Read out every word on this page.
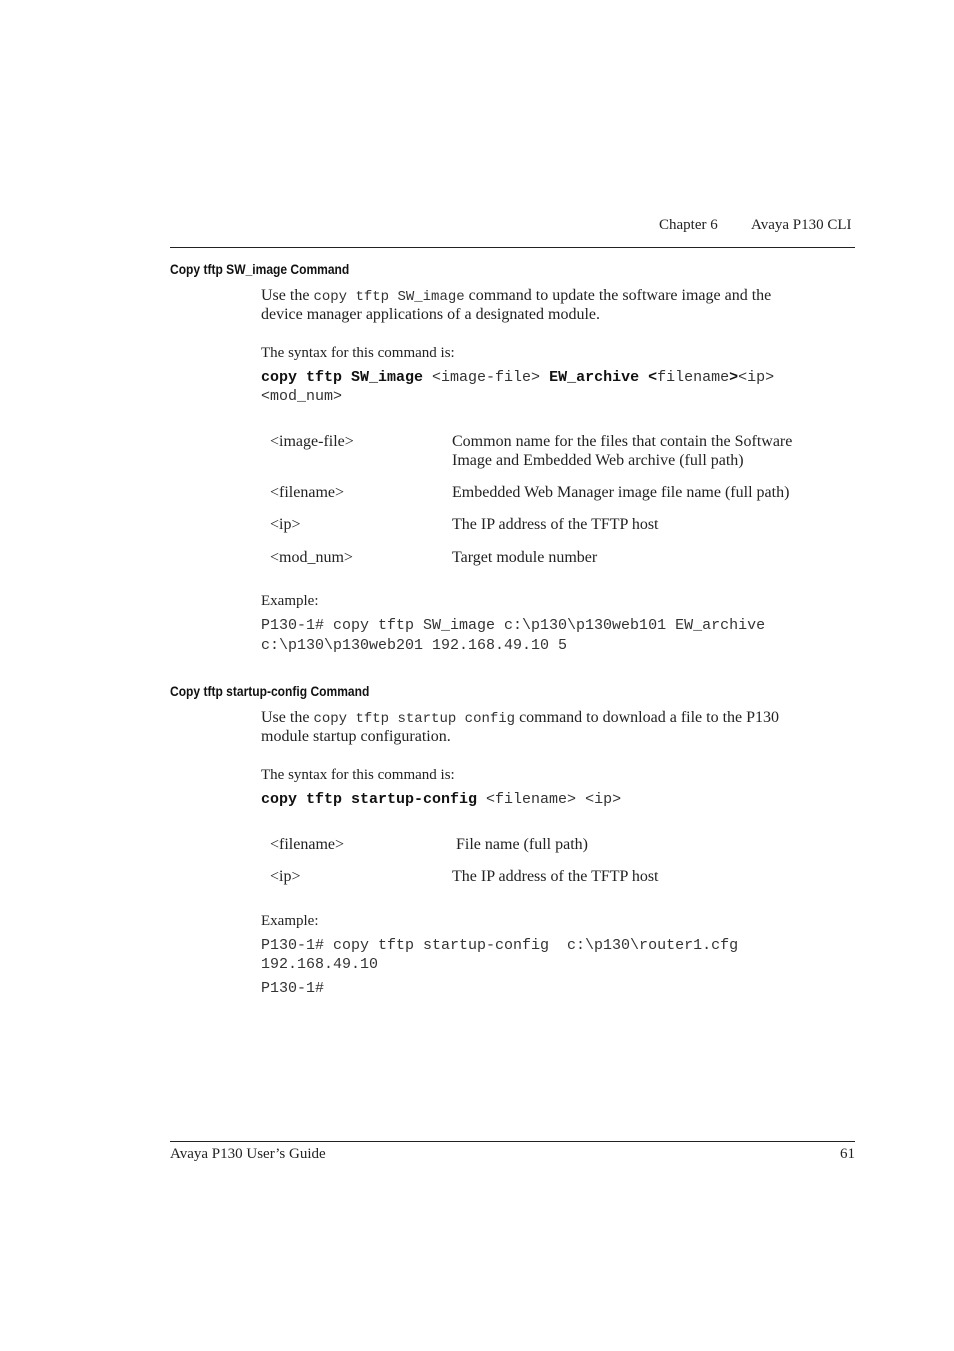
Chapter 6 Avaya P130 CLI
Copy tftp SW_image Command
Use the copy tftp SW_image command to update the software image and the
device manager applications of a designated module.
The syntax for this command is:
copy tftp SW_image <image-file> EW_archive <filename><ip>
<mod_num>
<image-file>	Common name for the files that contain the Software
Image and Embedded Web archive (full path)
<filename>	Embedded Web Manager image file name (full path)
<ip>	The IP address of the TFTP host
<mod_num>	Target module number
Example:
P130-1# copy tftp SW_image c:\p130\p130web101 EW_archive
c:\p130\p130web201 192.168.49.10 5
Copy tftp startup-config Command
Use the copy tftp startup config command to download a file to the P130
module startup configuration.
The syntax for this command is:
copy tftp startup-config <filename> <ip>
<filename>	File name (full path)
<ip>	The IP address of the TFTP host
Example:
P130-1# copy tftp startup-config  c:\p130\router1.cfg
192.168.49.10
P130-1#
Avaya P130 User’s Guide	61
